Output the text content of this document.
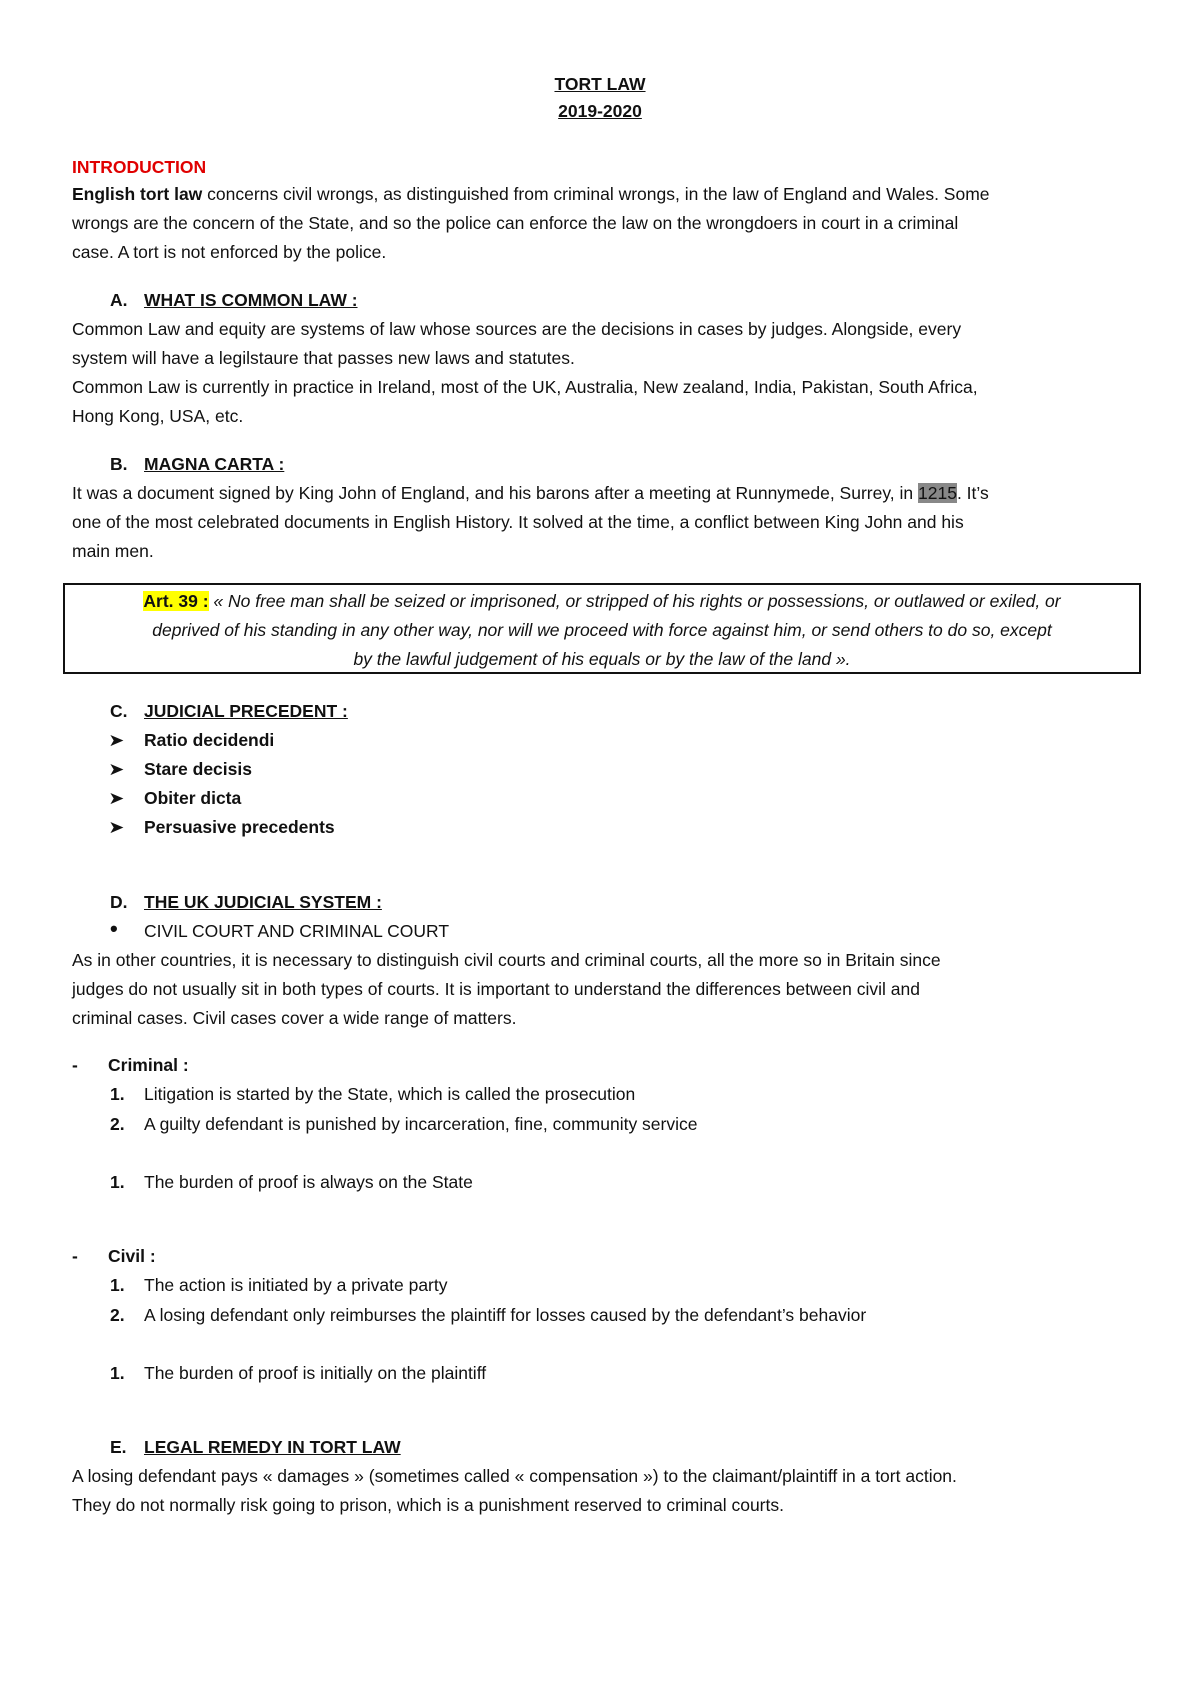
TORT LAW
2019-2020
INTRODUCTION
English tort law concerns civil wrongs, as distinguished from criminal wrongs, in the law of England and Wales. Some
wrongs are the concern of the State, and so the police can enforce the law on the wrongdoers in court in a criminal
case. A tort is not enforced by the police.
A. WHAT IS COMMON LAW :
Common Law and equity are systems of law whose sources are the decisions in cases by judges. Alongside, every
system will have a legilstaure that passes new laws and statutes.
Common Law is currently in practice in Ireland, most of the UK, Australia, New zealand, India, Pakistan, South Africa,
Hong Kong, USA, etc.
B. MAGNA CARTA :
It was a document signed by King John of England, and his barons after a meeting at Runnymede, Surrey, in 1215. It’s
one of the most celebrated documents in English History. It solved at the time, a conflict between King John and his
main men.
Art. 39 : « No free man shall be seized or imprisoned, or stripped of his rights or possessions, or outlawed or exiled, or
deprived of his standing in any other way, nor will we proceed with force against him, or send others to do so, except
by the lawful judgement of his equals or by the law of the land ».
C. JUDICIAL PRECEDENT :
➤ Ratio decidendi
➤ Stare decisis
➤ Obiter dicta
➤ Persuasive precedents
D. THE UK JUDICIAL SYSTEM :
• CIVIL COURT AND CRIMINAL COURT
As in other countries, it is necessary to distinguish civil courts and criminal courts, all the more so in Britain since
judges do not usually sit in both types of courts. It is important to understand the differences between civil and
criminal cases. Civil cases cover a wide range of matters.
- Criminal :
1. Litigation is started by the State, which is called the prosecution
2. A guilty defendant is punished by incarceration, fine, community service
1. The burden of proof is always on the State
- Civil :
1. The action is initiated by a private party
2. A losing defendant only reimburses the plaintiff for losses caused by the defendant’s behavior
1. The burden of proof is initially on the plaintiff
E. LEGAL REMEDY IN TORT LAW
A losing defendant pays « damages » (sometimes called « compensation ») to the claimant/plaintiff in a tort action.
They do not normally risk going to prison, which is a punishment reserved to criminal courts.
